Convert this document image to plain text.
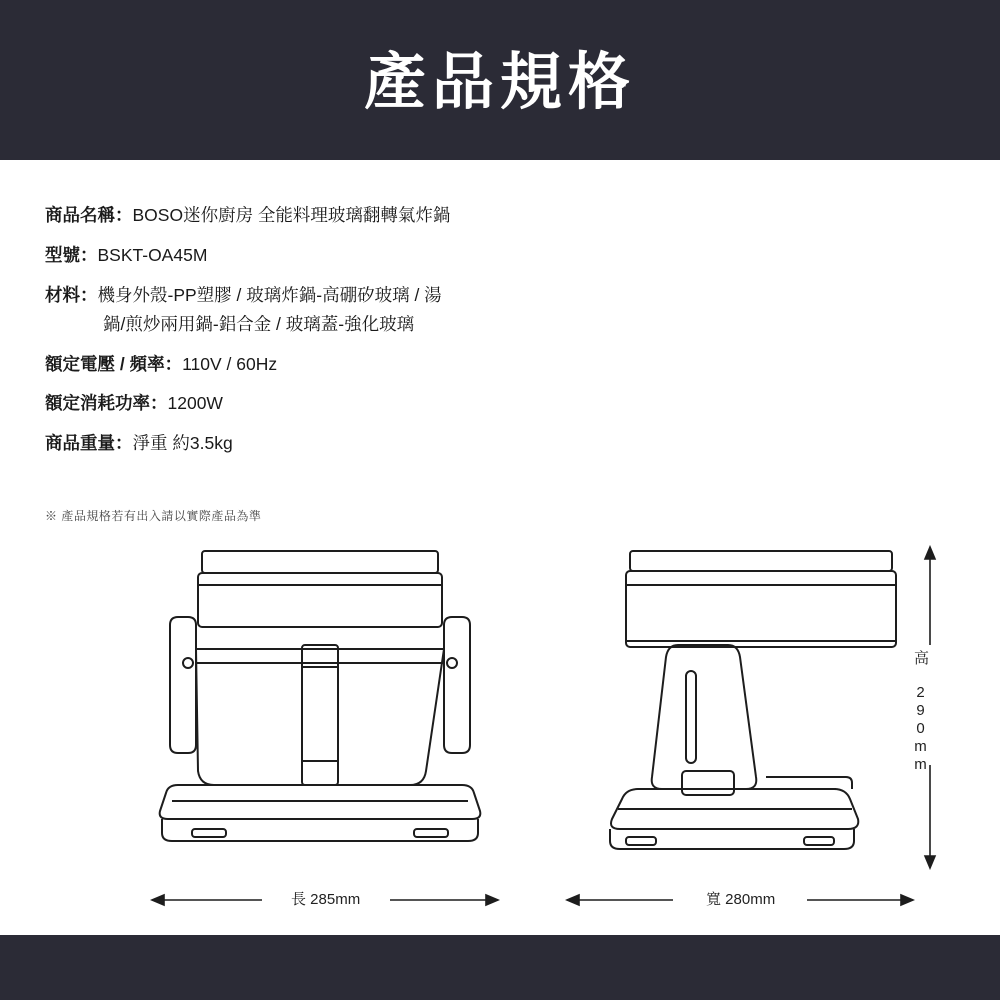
產品規格
商品名稱：BOSO迷你廚房 全能料理玻璃翻轉氣炸鍋
型號：BSKT-OA45M
材料：機身外殼-PP塑膠 / 玻璃炸鍋-高硼矽玻璃 / 湯
鍋/煎炒兩用鍋-鋁合金 / 玻璃蓋-強化玻璃
額定電壓 / 頻率：110V / 60Hz
額定消耗功率：1200W
商品重量：淨重 約3.5kg
※ 產品規格若有出入請以實際產品為準
長 285mm	寬 280mm
高 290mm
